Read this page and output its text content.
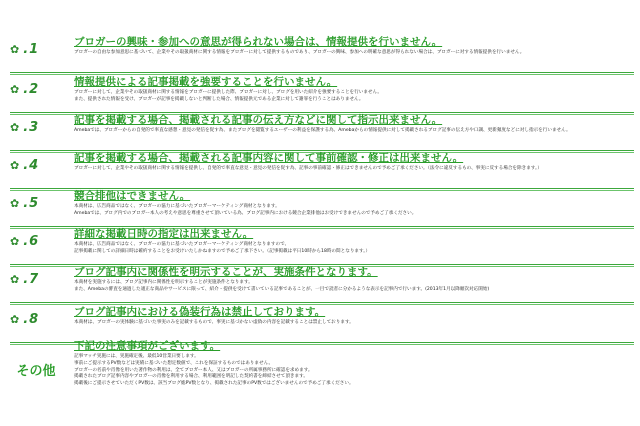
✿ .1	ブロガーの興味・参加への意思が得られない場合は、情報提供を行いません。
ブロガーの自由な参加意思に基づいて、企業やその取扱商材に関する情報をブロガーに対して提供するものであり、ブロガーの興味、参加への明確な意思が得られない場合は、ブロガーに対する情報提供を行いません。
✿ .2	情報提供による記事掲載を強要することを行いません。
ブロガーに対して、企業やその取扱商材に関する情報をブロガーに提供した際、ブロガーに対し、ブログを用いた紹介を強要することを行いません。
また、提供された情報を受け、ブロガーが記事を掲載しないと判断した場合、情報提供元である企業に対して謝罪を行うことはありません。
✿ .3	記事を掲載する場合、掲載される記事の伝え方などに関して指示出来ません。
Amebaでは、ブロガーからの自発的で率直な感想・意見の発信を促す為、またブログを閲覧するユーザーの利益を保護する為、Amebaからの情報提供に対して掲載されるブログ記事の伝え方や口調、更新頻度などに対し指示を行いません。
✿ .4	記事を掲載する場合、掲載される記事内容に関して事前確認・修正は出来ません。
ブロガーに対して、企業やその取扱商材に関する情報を提供し、自発的で率直な意見・意見の発信を促す為、記事の事前確認・修正はできませんので予めご了承ください。（法令に違反するもの、事実に反する場合を除きます。）
✿ .5	競合排他はできません。
本商材は、広告商品ではなく、ブロガーの協力に基づいたブロガーマーケティング商材となります。
Amebaでは、ブログ内でのブロガー本人の考えや意思を尊重させて頂いている為、ブログ記事内における競合企業排他はお受けできませんので予めご了承ください。
✿ .6	詳細な掲載日時の指定は出来ません。
本商材は、広告商品ではなく、ブロガーの協力に基づいたブロガーマーケティング商材となりますので、
記事掲載に関しての詳細日時は確約することをお受けいたしかねますので予めご了承下さい。（記事掲載は平日10時から18時の間となります。）
✿ .7	ブログ記事内に関係性を明示することが、実施条件となります。
本商材を実施するには、ブログ記事内に関係性を明示することが実施条件となります。
また、Amebaの審査を通過した適正な商品やサービスに限って、紹介・提供を受けて書いている記事であることが、一目で読者に分かるような表示を記事内で行います。(2013年1月以降順次対応開始)
✿ .8	ブログ記事内における偽装行為は禁止しております。
本商材は、ブロガーの実体験に基づいた事実のみを記載するもので、事実に基づかない虚偽の内容を記載することは禁止しております。
その他
下記の注意事項がございます。
記事マッチ実施には、実施確定後、最低10営業日要します。
事前にご提示するPV数などは実績に基づいた想定数値で、これを保証するものではありません。
ブロガーの名前や肖像を用いた著作物の利用は、全てブロガー本人、又はブロガーの所属事務所に確認を求めます。
掲載されたブログ記事内容やブロガーの肖像を利用する場合、利用範囲を明記した契約書を締結させて頂きます。
掲載後にご提示させていただくPV数は、該当ブログ総PV数となり、掲載された記事のPV数ではございませんので予めご了承ください。
